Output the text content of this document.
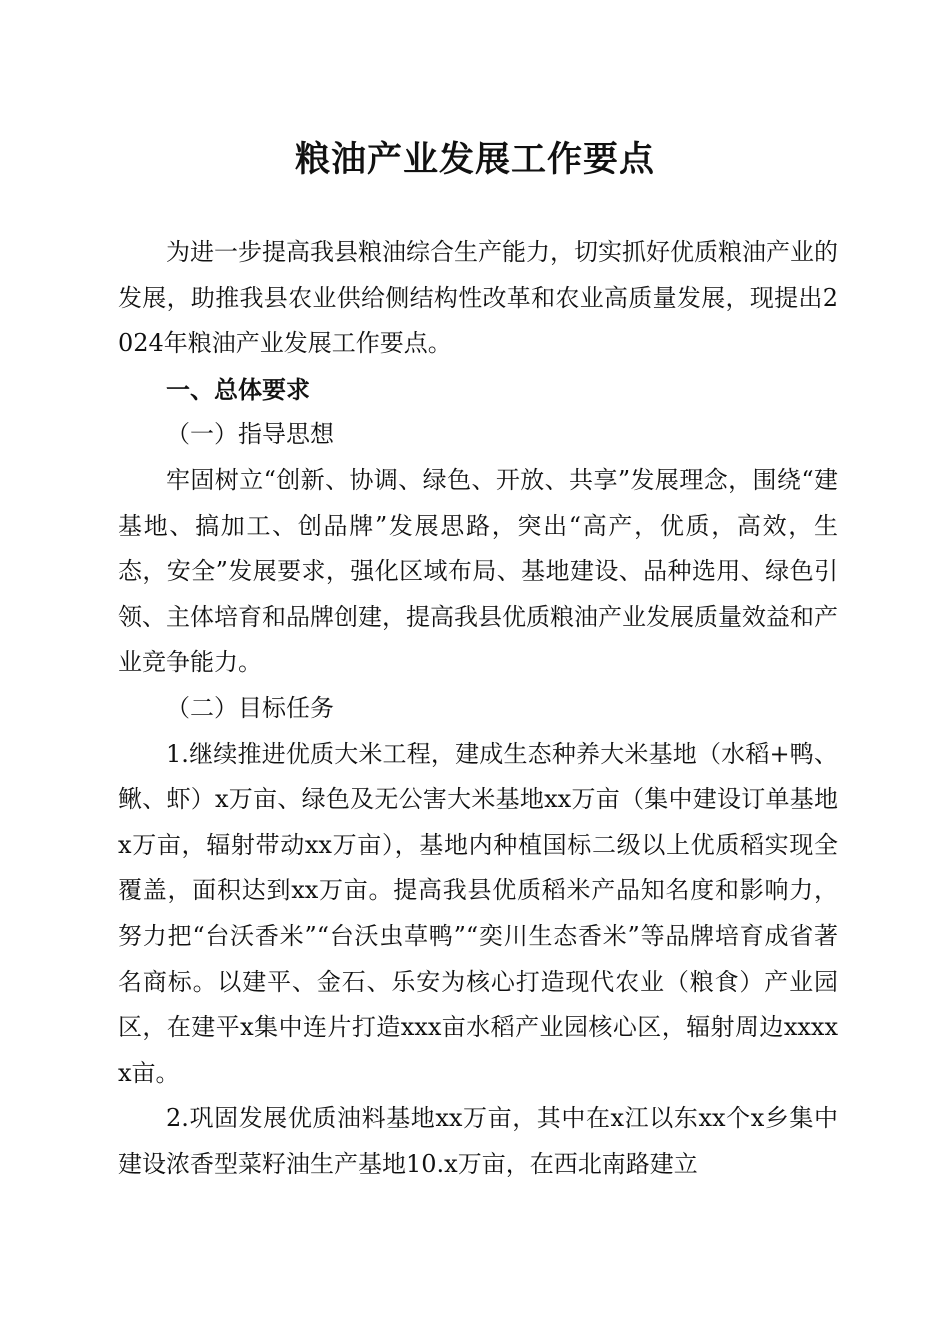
粮油产业发展工作要点

为进一步提高我县粮油综合生产能力，切实抓好优质粮油产业的发展，助推我县农业供给侧结构性改革和农业高质量发展，现提出2024年粮油产业发展工作要点。

一、总体要求

（一）指导思想

牢固树立“创新、协调、绿色、开放、共享”发展理念，围绕“建基地、搞加工、创品牌”发展思路，突出“高产，优质，高效，生态，安全”发展要求，强化区域布局、基地建设、品种选用、绿色引领、主体培育和品牌创建，提高我县优质粮油产业发展质量效益和产业竞争能力。

（二）目标任务

1.继续推进优质大米工程，建成生态种养大米基地（水稻+鸭、鳅、虾）x万亩、绿色及无公害大米基地xx万亩（集中建设订单基地x万亩，辐射带动xx万亩），基地内种植国标二级以上优质稻实现全覆盖，面积达到xx万亩。提高我县优质稻米产品知名度和影响力，努力把“台沃香米”“台沃虫草鸭”“奕川生态香米”等品牌培育成省著名商标。以建平、金石、乐安为核心打造现代农业（粮食）产业园区，在建平x集中连片打造xxx亩水稻产业园核心区，辐射周边xxxxx亩。

2.巩固发展优质油料基地xx万亩，其中在x江以东xx个x乡集中建设浓香型菜籽油生产基地10.x万亩，在西北南路建立
